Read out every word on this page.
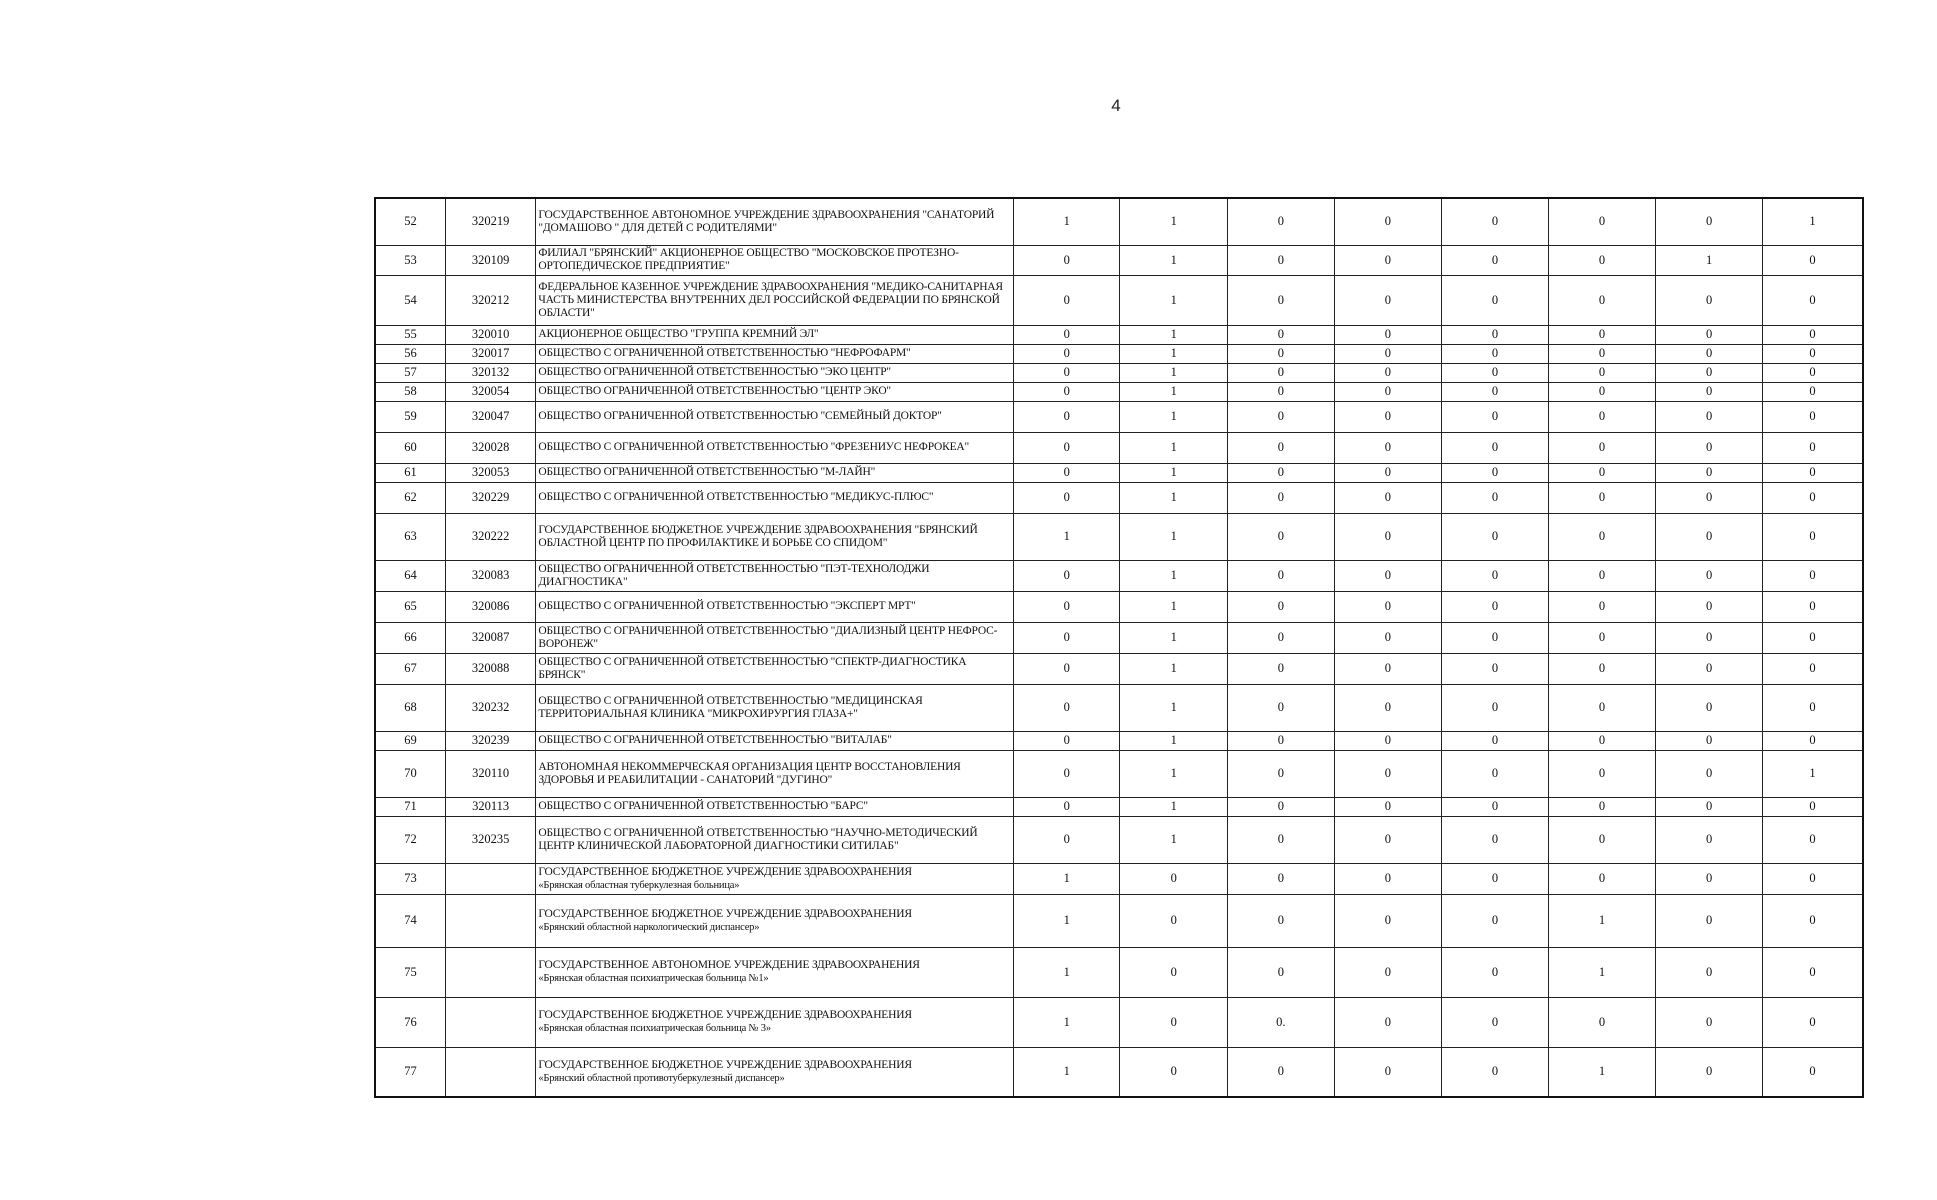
4
52	320219	ГОСУДАРСТВЕННОЕ АВТОНОМНОЕ УЧРЕЖДЕНИЕ ЗДРАВООХРАНЕНИЯ "САНАТОРИЙ "ДОМАШОВО " ДЛЯ ДЕТЕЙ С РОДИТЕЛЯМИ"	1	1	0	0	0	0	0	1
53	320109	ФИЛИАЛ "БРЯНСКИЙ" АКЦИОНЕРНОЕ ОБЩЕСТВО "МОСКОВСКОЕ ПРОТЕЗНО-ОРТОПЕДИЧЕСКОЕ ПРЕДПРИЯТИЕ"	0	1	0	0	0	0	1	0
54	320212	ФЕДЕРАЛЬНОЕ КАЗЕННОЕ УЧРЕЖДЕНИЕ ЗДРАВООХРАНЕНИЯ "МЕДИКО-САНИТАРНАЯ ЧАСТЬ МИНИСТЕРСТВА ВНУТРЕННИХ ДЕЛ РОССИЙСКОЙ ФЕДЕРАЦИИ ПО БРЯНСКОЙ ОБЛАСТИ"	0	1	0	0	0	0	0	0
55	320010	АКЦИОНЕРНОЕ ОБЩЕСТВО "ГРУППА КРЕМНИЙ ЭЛ"	0	1	0	0	0	0	0	0
56	320017	ОБЩЕСТВО С ОГРАНИЧЕННОЙ ОТВЕТСТВЕННОСТЬЮ "НЕФРОФАРМ"	0	1	0	0	0	0	0	0
57	320132	ОБЩЕСТВО ОГРАНИЧЕННОЙ ОТВЕТСТВЕННОСТЬЮ "ЭКО ЦЕНТР"	0	1	0	0	0	0	0	0
58	320054	ОБЩЕСТВО ОГРАНИЧЕННОЙ ОТВЕТСТВЕННОСТЬЮ "ЦЕНТР ЭКО"	0	1	0	0	0	0	0	0
59	320047	ОБЩЕСТВО ОГРАНИЧЕННОЙ ОТВЕТСТВЕННОСТЬЮ "СЕМЕЙНЫЙ ДОКТОР"	0	1	0	0	0	0	0	0
60	320028	ОБЩЕСТВО С ОГРАНИЧЕННОЙ ОТВЕТСТВЕННОСТЬЮ "ФРЕЗЕНИУС НЕФРОКЕА"	0	1	0	0	0	0	0	0
61	320053	ОБЩЕСТВО ОГРАНИЧЕННОЙ ОТВЕТСТВЕННОСТЬЮ "М-ЛАЙН"	0	1	0	0	0	0	0	0
62	320229	ОБЩЕСТВО С ОГРАНИЧЕННОЙ ОТВЕТСТВЕННОСТЬЮ "МЕДИКУС-ПЛЮС"	0	1	0	0	0	0	0	0
63	320222	ГОСУДАРСТВЕННОЕ БЮДЖЕТНОЕ УЧРЕЖДЕНИЕ ЗДРАВООХРАНЕНИЯ "БРЯНСКИЙ ОБЛАСТНОЙ ЦЕНТР ПО ПРОФИЛАКТИКЕ И БОРЬБЕ СО СПИДОМ"	1	1	0	0	0	0	0	0
64	320083	ОБЩЕСТВО ОГРАНИЧЕННОЙ ОТВЕТСТВЕННОСТЬЮ "ПЭТ-ТЕХНОЛОДЖИ ДИАГНОСТИКА"	0	1	0	0	0	0	0	0
65	320086	ОБЩЕСТВО С ОГРАНИЧЕННОЙ ОТВЕТСТВЕННОСТЬЮ "ЭКСПЕРТ МРТ"	0	1	0	0	0	0	0	0
66	320087	ОБЩЕСТВО С ОГРАНИЧЕННОЙ ОТВЕТСТВЕННОСТЬЮ "ДИАЛИЗНЫЙ ЦЕНТР НЕФРОС-ВОРОНЕЖ"	0	1	0	0	0	0	0	0
67	320088	ОБЩЕСТВО С ОГРАНИЧЕННОЙ ОТВЕТСТВЕННОСТЬЮ "СПЕКТР-ДИАГНОСТИКА БРЯНСК"	0	1	0	0	0	0	0	0
68	320232	ОБЩЕСТВО С ОГРАНИЧЕННОЙ ОТВЕТСТВЕННОСТЬЮ "МЕДИЦИНСКАЯ ТЕРРИТОРИАЛЬНАЯ КЛИНИКА "МИКРОХИРУРГИЯ ГЛАЗА+"	0	1	0	0	0	0	0	0
69	320239	ОБЩЕСТВО С ОГРАНИЧЕННОЙ ОТВЕТСТВЕННОСТЬЮ "ВИТАЛАБ"	0	1	0	0	0	0	0	0
70	320110	АВТОНОМНАЯ НЕКОММЕРЧЕСКАЯ ОРГАНИЗАЦИЯ ЦЕНТР ВОССТАНОВЛЕНИЯ ЗДОРОВЬЯ И РЕАБИЛИТАЦИИ - САНАТОРИЙ "ДУГИНО"	0	1	0	0	0	0	0	1
71	320113	ОБЩЕСТВО С ОГРАНИЧЕННОЙ ОТВЕТСТВЕННОСТЬЮ "БАРС"	0	1	0	0	0	0	0	0
72	320235	ОБЩЕСТВО С ОГРАНИЧЕННОЙ ОТВЕТСТВЕННОСТЬЮ "НАУЧНО-МЕТОДИЧЕСКИЙ ЦЕНТР КЛИНИЧЕСКОЙ ЛАБОРАТОРНОЙ ДИАГНОСТИКИ СИТИЛАБ"	0	1	0	0	0	0	0	0
73		ГОСУДАРСТВЕННОЕ БЮДЖЕТНОЕ УЧРЕЖДЕНИЕ ЗДРАВООХРАНЕНИЯ
«Брянская областная туберкулезная больница»	1	0	0	0	0	0	0	0
74		ГОСУДАРСТВЕННОЕ БЮДЖЕТНОЕ УЧРЕЖДЕНИЕ ЗДРАВООХРАНЕНИЯ
«Брянский областной наркологический диспансер»	1	0	0	0	0	1	0	0
75		ГОСУДАРСТВЕННОЕ АВТОНОМНОЕ УЧРЕЖДЕНИЕ ЗДРАВООХРАНЕНИЯ
«Брянская областная психиатрическая больница №1»	1	0	0	0	0	1	0	0
76		ГОСУДАРСТВЕННОЕ БЮДЖЕТНОЕ УЧРЕЖДЕНИЕ ЗДРАВООХРАНЕНИЯ
«Брянская областная психиатрическая больница № 3»	1	0	0.	0	0	0	0	0
77		ГОСУДАРСТВЕННОЕ БЮДЖЕТНОЕ УЧРЕЖДЕНИЕ ЗДРАВООХРАНЕНИЯ
«Брянский областной противотуберкулезный диспансер»	1	0	0	0	0	1	0	0
